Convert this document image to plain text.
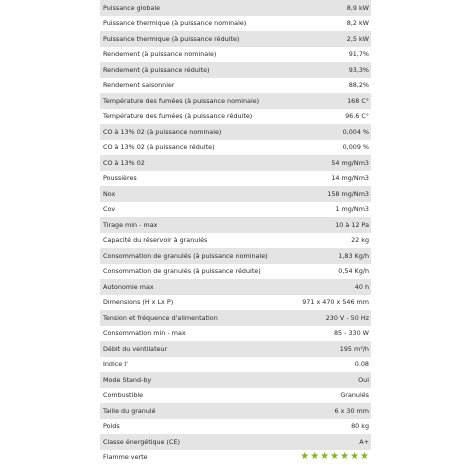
Puissance globale	8,9 kW
Puissance thermique (à puissance nominale)	8,2 kW
Puissance thermique (à puissance réduite)	2,5 kW
Rendement (à puissance nominale)	91,7%
Rendement (à puissance réduite)	93,3%
Rendement saisonnier	88,2%
Température des fumées (à puissance nominale)	168 C°
Température des fumées (à puissance réduite)	96.6 C°
CO à 13% 02 (à puissance nominale)	0,004 %
CO à 13% 02 (à puissance réduite)	0,009 %
CO à 13% 02	54 mg/Nm3
Poussières	14 mg/Nm3
Nox	158 mg/Nm3
Cov	1 mg/Nm3
Tirage min - max	10 à 12 Pa
Capacité du réservoir à granulés	22 kg
Consommation de granulés (à puissance nominale)	1,83 Kg/h
Consommation de granulés (à puissance réduite)	0,54 Kg/h
Autonomie max	40 h
Dimensions (H x Lx P)	971 x 470 x 546 mm
Tension et fréquence d'alimentation	230 V - 50 Hz
Consommation min - max	85 - 330 W
Débit du ventilateur	195 m³/h
Indice I'	0.08
Mode Stand-by	Oui
Combustible	Granulés
Taille du granulé	6 x 30 mm
Poids	80 kg
Classe énergétique (CE)	A+
Flamme verte	★ ★ ★ ★ ★ ★ ★
